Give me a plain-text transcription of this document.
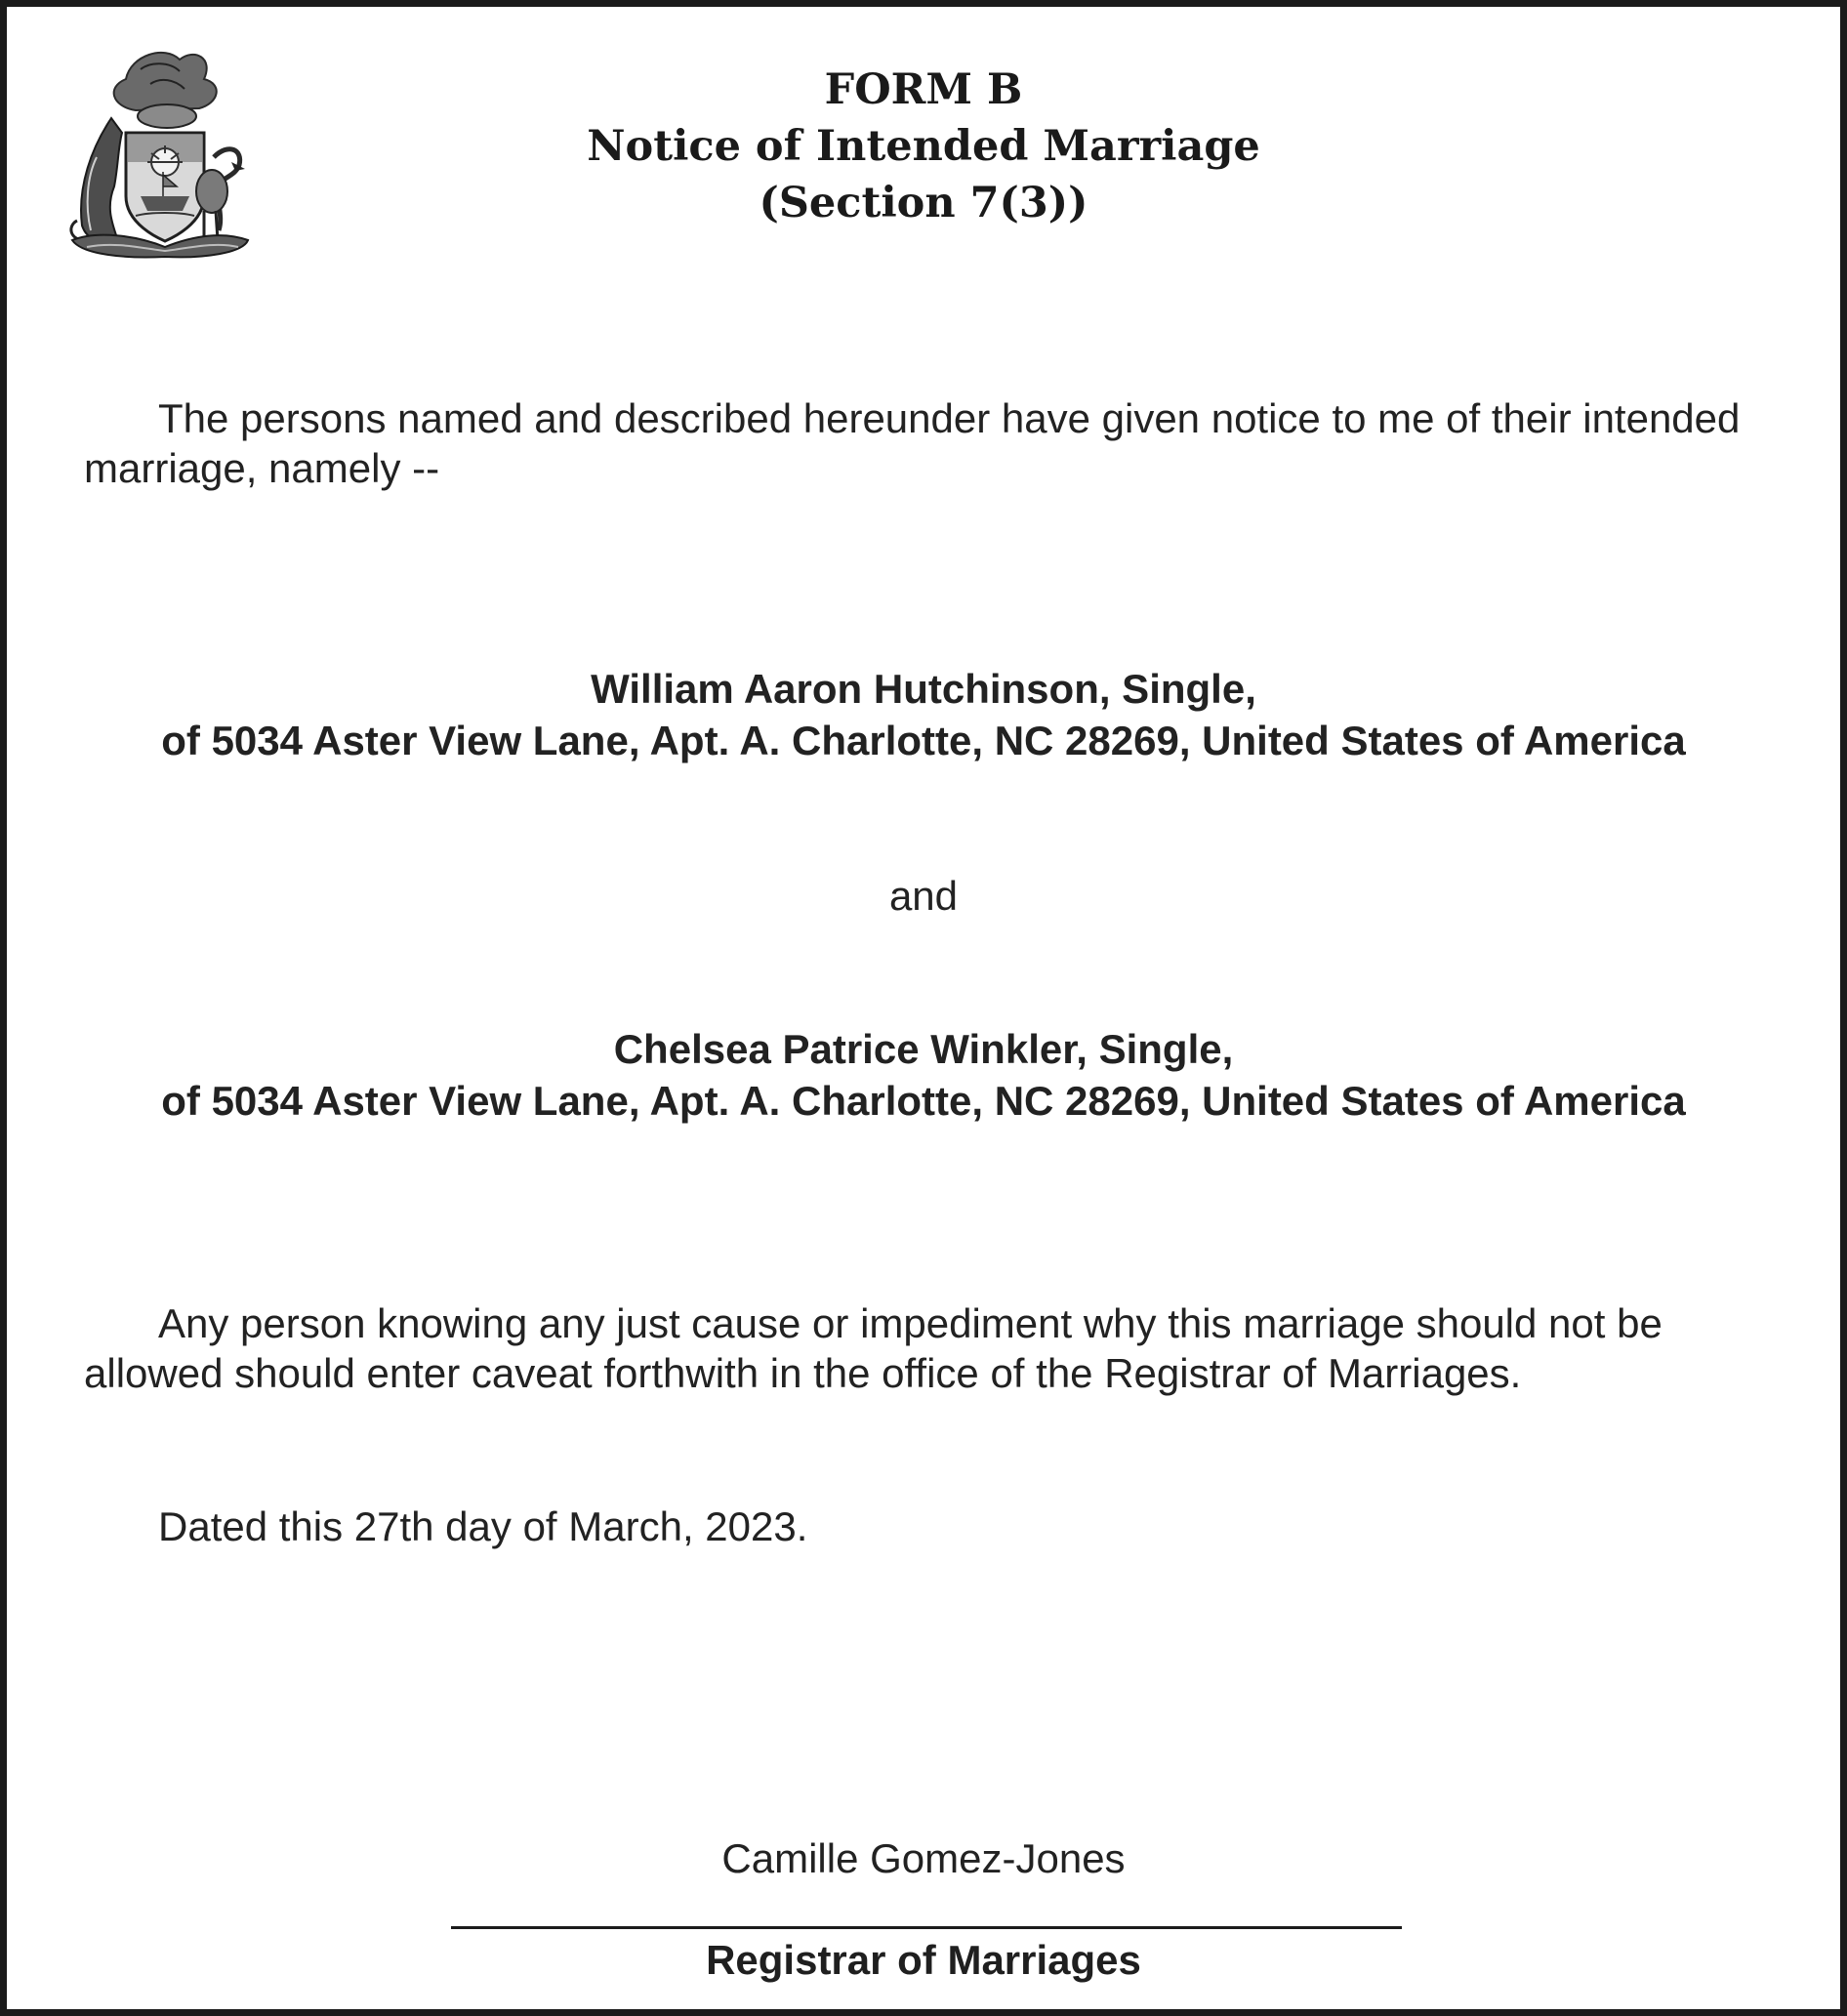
FORM B
Notice of Intended Marriage
(Section 7(3))
The persons named and described hereunder have given notice to me of their intended marriage, namely --
William Aaron Hutchinson, Single,
of 5034 Aster View Lane, Apt. A. Charlotte, NC 28269, United States of America
and
Chelsea Patrice Winkler, Single,
of 5034 Aster View Lane, Apt. A. Charlotte, NC 28269, United States of America
Any person knowing any just cause or impediment why this marriage should not be allowed should enter caveat forthwith in the office of the Registrar of Marriages.
Dated this 27th day of March, 2023.
Camille Gomez-Jones
Registrar of Marriages
